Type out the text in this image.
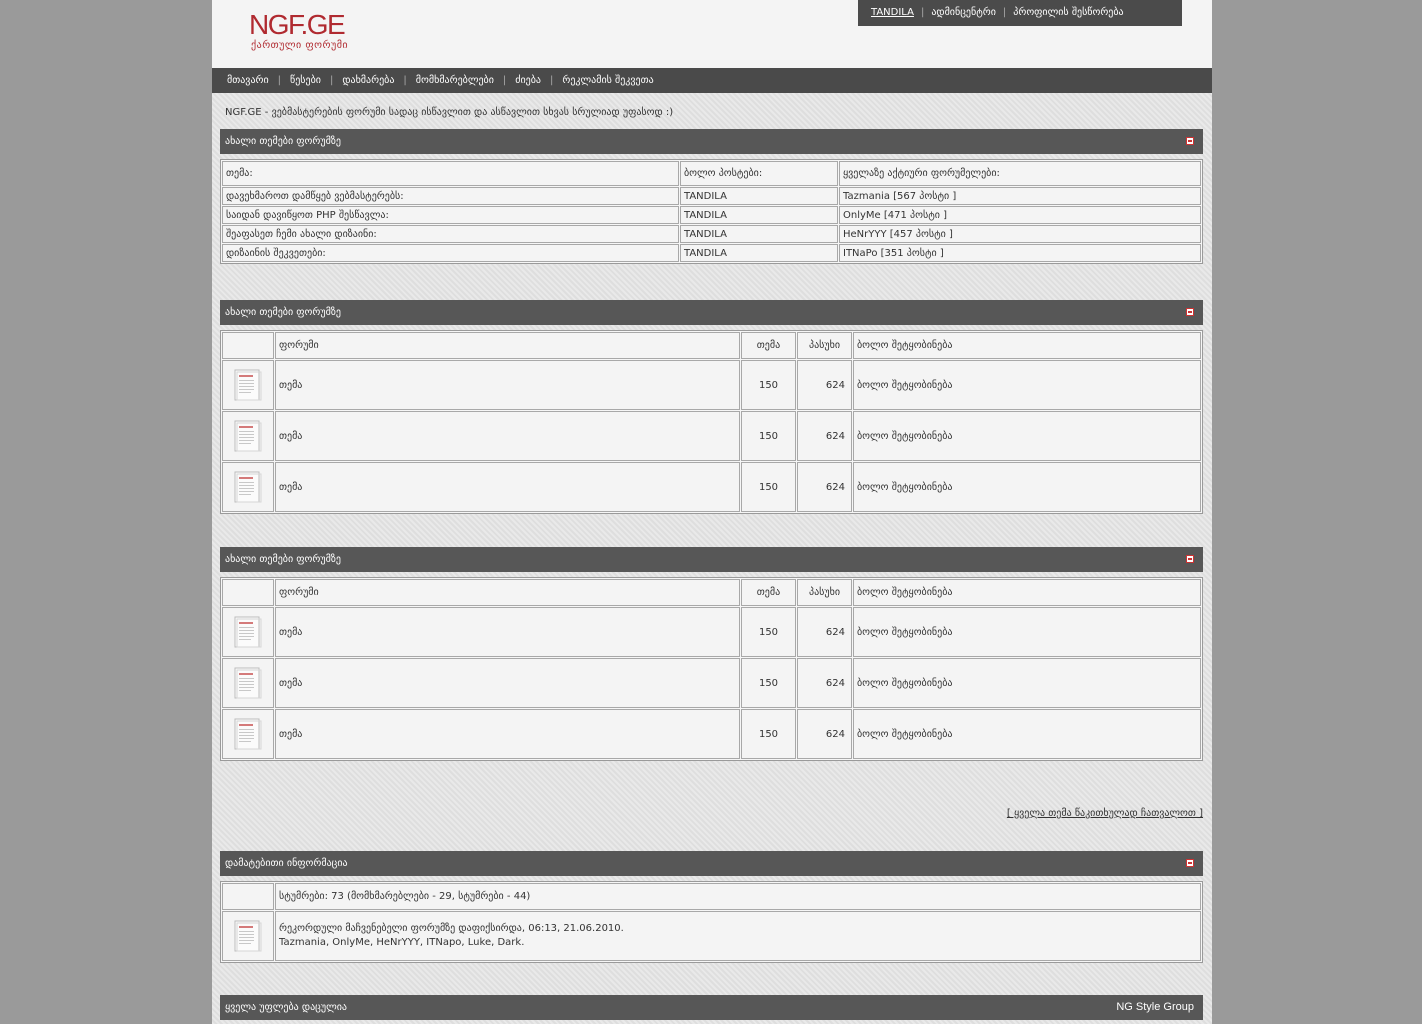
NGF.GE
ქართული ფორუმი
TANDILA | ადმინცენტრი | პროფილის შესწორება
მთავარი | წესები | დახმარება | მომხმარებლები | ძიება | რეკლამის შეკვეთა
NGF.GE - ვებმასტერების ფორუმი სადაც ისწავლით და ასწავლით სხვას სრულიად უფასოდ :)
ახალი თემები ფორუმზე
თემა:	ბოლო პოსტები:	ყველაზე აქტიური ფორუმელები:
დავეხმაროთ დამწყებ ვებმასტერებს:	TANDILA	Tazmania [567 პოსტი ]
საიდან დავიწყოთ PHP შესწავლა:	TANDILA	OnlyMe [471 პოსტი ]
შეაფასეთ ჩემი ახალი დიზაინი:	TANDILA	HeNrYYY [457 პოსტი ]
დიზაინის შეკვეთები:	TANDILA	ITNaPo [351 პოსტი ]
ახალი თემები ფორუმზე
	ფორუმი	თემა	პასუხი	ბოლო შეტყობინება

	თემა	150	624	ბოლო შეტყობინება

	თემა	150	624	ბოლო შეტყობინება

	თემა	150	624	ბოლო შეტყობინება
ახალი თემები ფორუმზე
	ფორუმი	თემა	პასუხი	ბოლო შეტყობინება

	თემა	150	624	ბოლო შეტყობინება

	თემა	150	624	ბოლო შეტყობინება

	თემა	150	624	ბოლო შეტყობინება
[ ყველა თემა წაკითხულად ჩათვალოთ ]
დამატებითი ინფორმაცია
	სტუმრები: 73 (მომხმარებლები - 29, სტუმრები - 44)

რეკორდული მაჩვენებელი ფორუმზე დაფიქსირდა, 06:13, 21.06.2010.
Tazmania, OnlyMe, HeNrYYY, ITNapo, Luke, Dark.
ყველა უფლება დაცულია	NG Style Group
